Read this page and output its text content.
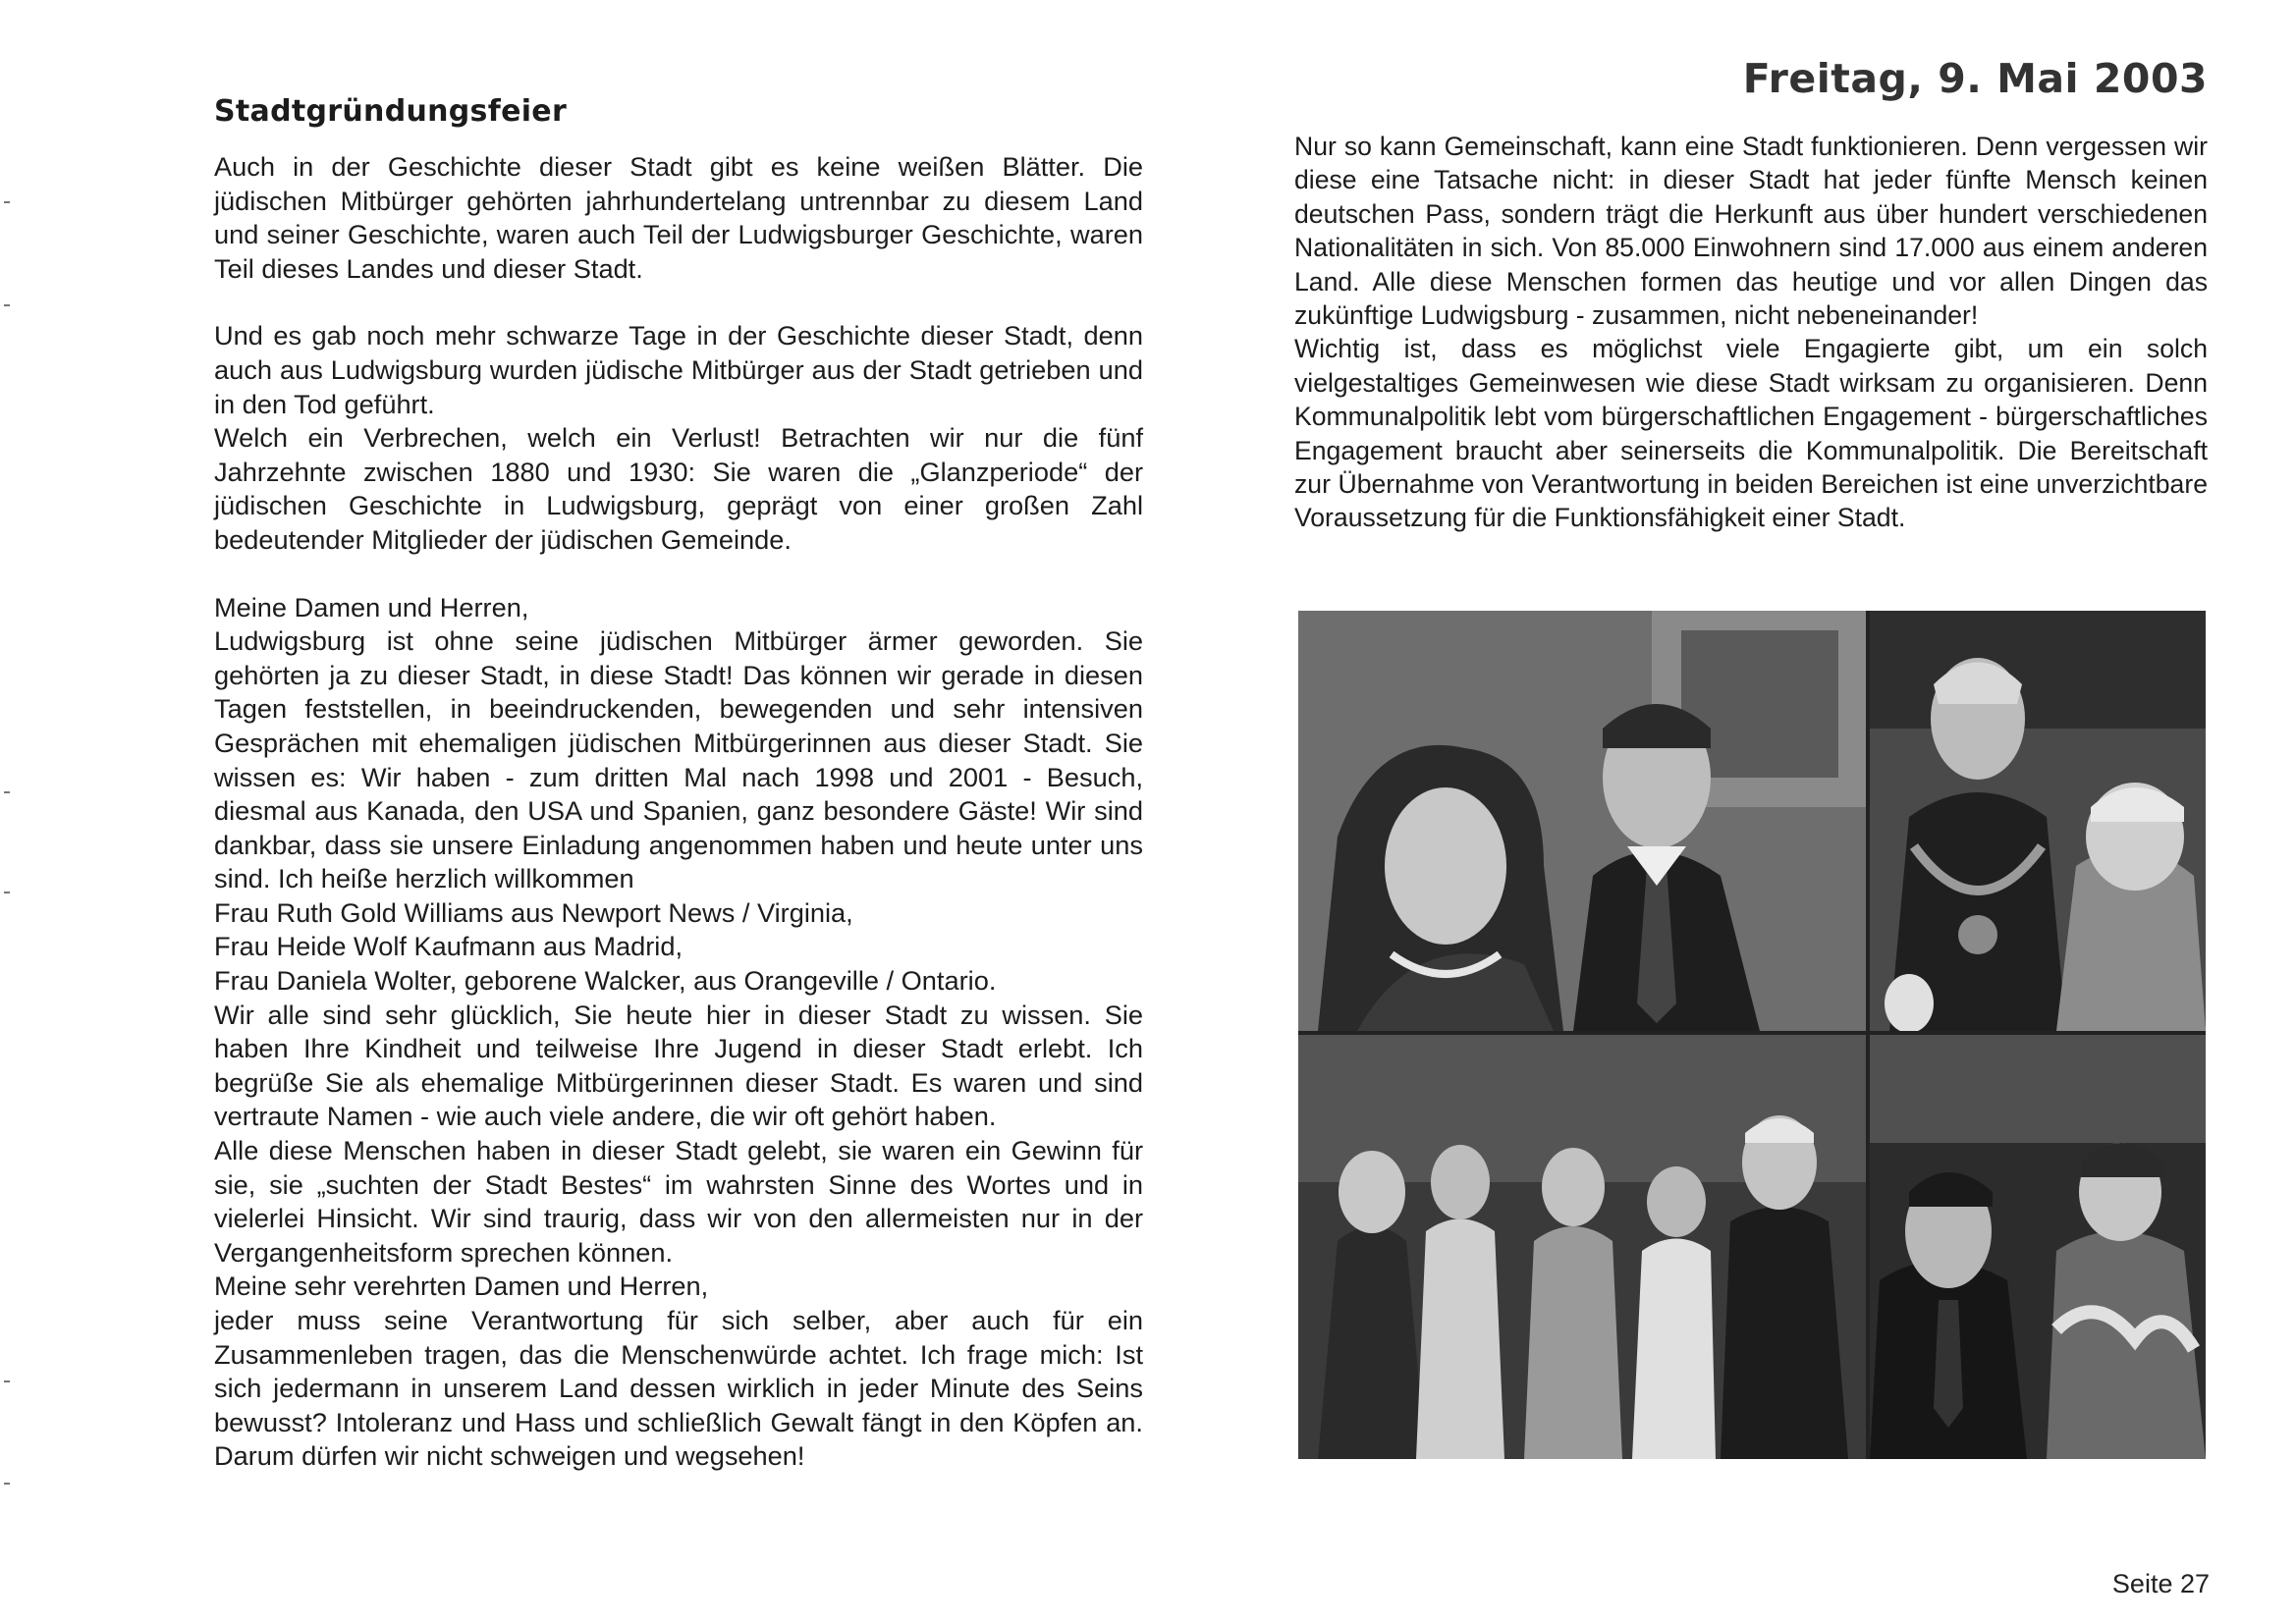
Stadtgründungsfeier

Auch in der Geschichte dieser Stadt gibt es keine weißen Blätter. Die jüdischen Mitbürger gehörten jahrhundertelang untrennbar zu diesem Land und seiner Geschichte, waren auch Teil der Ludwigsburger Geschichte, waren Teil dieses Landes und dieser Stadt.

Und es gab noch mehr schwarze Tage in der Geschichte dieser Stadt, denn auch aus Ludwigsburg wurden jüdische Mitbürger aus der Stadt getrieben und in den Tod geführt.

Welch ein Verbrechen, welch ein Verlust! Betrachten wir nur die fünf Jahrzehnte zwischen 1880 und 1930: Sie waren die „Glanzperiode“ der jüdischen Geschichte in Ludwigsburg, geprägt von einer großen Zahl bedeutender Mitglieder der jüdischen Gemeinde.

Meine Damen und Herren,

Ludwigsburg ist ohne seine jüdischen Mitbürger ärmer geworden. Sie gehörten ja zu dieser Stadt, in diese Stadt! Das können wir gerade in diesen Tagen feststellen, in beeindruckenden, bewegenden und sehr intensiven Gesprächen mit ehemaligen jüdischen Mitbürgerinnen aus dieser Stadt. Sie wissen es: Wir haben - zum dritten Mal nach 1998 und 2001 - Besuch, diesmal aus Kanada, den USA und Spanien, ganz besondere Gäste! Wir sind dankbar, dass sie unsere Einladung angenommen haben und heute unter uns sind. Ich heiße herzlich willkommen

Frau Ruth Gold Williams aus Newport News / Virginia,

Frau Heide Wolf Kaufmann aus Madrid,

Frau Daniela Wolter, geborene Walcker, aus Orangeville / Ontario.

Wir alle sind sehr glücklich, Sie heute hier in dieser Stadt zu wissen. Sie haben Ihre Kindheit und teilweise Ihre Jugend in dieser Stadt erlebt. Ich begrüße Sie als ehemalige Mitbürgerinnen dieser Stadt. Es waren und sind vertraute Namen - wie auch viele andere, die wir oft gehört haben.

Alle diese Menschen haben in dieser Stadt gelebt, sie waren ein Gewinn für sie, sie „suchten der Stadt Bestes“ im wahrsten Sinne des Wortes und in vielerlei Hinsicht. Wir sind traurig, dass wir von den allermeisten nur in der Vergangenheitsform sprechen können.

Meine sehr verehrten Damen und Herren,

jeder muss seine Verantwortung für sich selber, aber auch für ein Zusammenleben tragen, das die Menschenwürde achtet. Ich frage mich: Ist sich jedermann in unserem Land dessen wirklich in jeder Minute des Seins bewusst? Intoleranz und Hass und schließlich Gewalt fängt in den Köpfen an. Darum dürfen wir nicht schweigen und wegsehen!

Freitag, 9. Mai 2003

Nur so kann Gemeinschaft, kann eine Stadt funktionieren. Denn vergessen wir diese eine Tatsache nicht: in dieser Stadt hat jeder fünfte Mensch keinen deutschen Pass, sondern trägt die Herkunft aus über hundert verschiedenen Nationalitäten in sich. Von 85.000 Einwohnern sind 17.000 aus einem anderen Land. Alle diese Menschen formen das heutige und vor allen Dingen das zukünftige Ludwigsburg - zusammen, nicht nebeneinander!

Wichtig ist, dass es möglichst viele Engagierte gibt, um ein solch vielgestaltiges Gemeinwesen wie diese Stadt wirksam zu organisieren. Denn Kommunalpolitik lebt vom bürgerschaftlichen Engagement - bürgerschaftliches Engagement braucht aber seinerseits die Kommunalpolitik. Die Bereitschaft zur Übernahme von Verantwortung in beiden Bereichen ist eine unverzichtbare Voraussetzung für die Funktionsfähigkeit einer Stadt.

Seite 27
